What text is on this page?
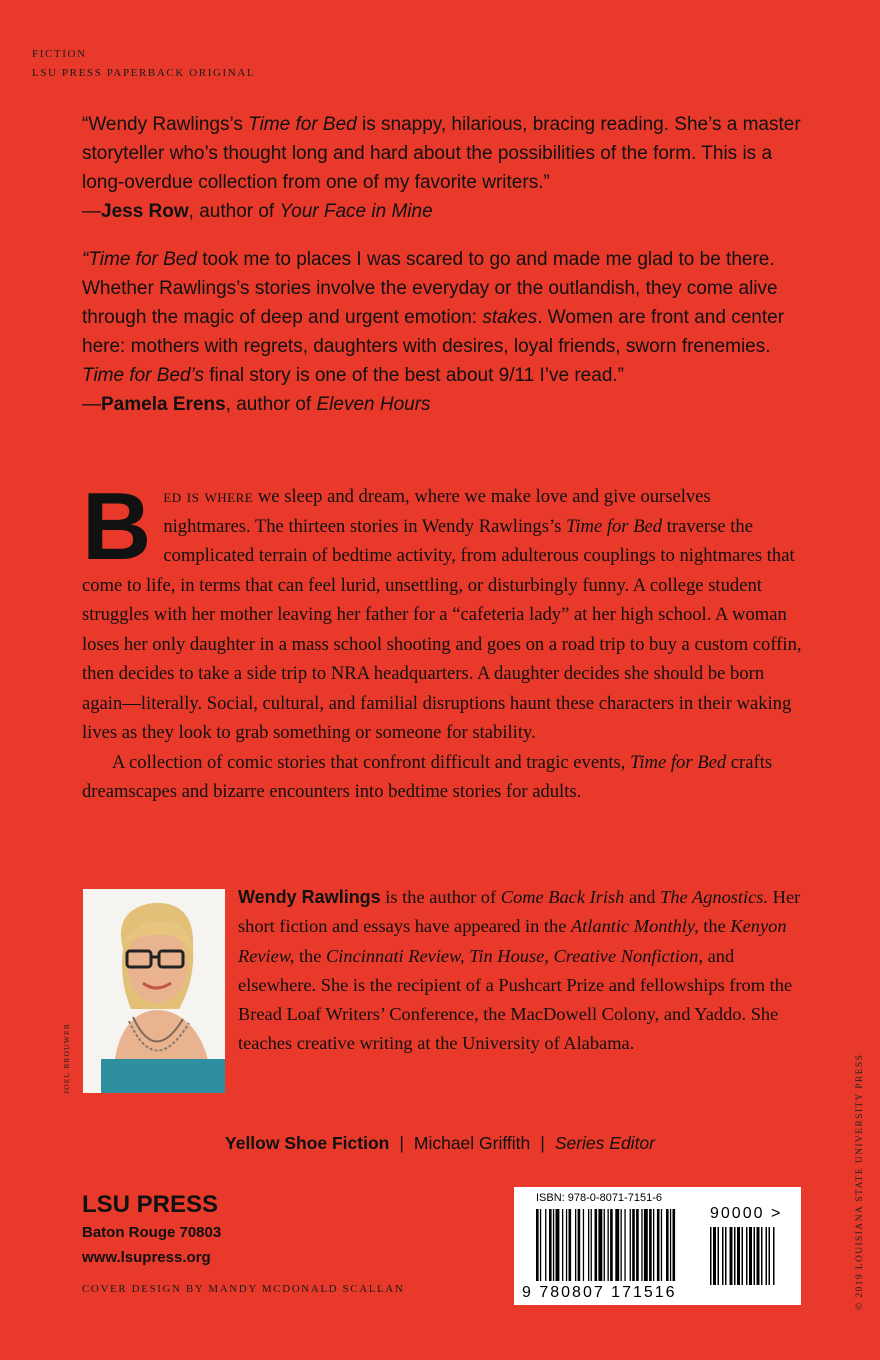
FICTION
LSU PRESS PAPERBACK ORIGINAL

“Wendy Rawlings’s Time for Bed is snappy, hilarious, bracing reading. She’s a master storyteller who’s thought long and hard about the possibilities of the form. This is a long-overdue collection from one of my favorite writers.”

—Jess Row, author of Your Face in Mine

“Time for Bed took me to places I was scared to go and made me glad to be there. Whether Rawlings’s stories involve the everyday or the outlandish, they come alive through the magic of deep and urgent emotion: stakes. Women are front and center here: mothers with regrets, daughters with desires, loyal friends, sworn frenemies. Time for Bed’s final story is one of the best about 9/11 I’ve read.”

—Pamela Erens, author of Eleven Hours

Bed is where we sleep and dream, where we make love and give ourselves nightmares. The thirteen stories in Wendy Rawlings’s Time for Bed traverse the complicated terrain of bedtime activity, from adulterous couplings to nightmares that come to life, in terms that can feel lurid, unsettling, or disturbingly funny. A college student struggles with her mother leaving her father for a “cafeteria lady” at her high school. A woman loses her only daughter in a mass school shooting and goes on a road trip to buy a custom coffin, then decides to take a side trip to NRA headquarters. A daughter decides she should be born again—literally. Social, cultural, and familial disruptions haunt these characters in their waking lives as they look to grab something or someone for stability.

A collection of comic stories that confront difficult and tragic events, Time for Bed crafts dreamscapes and bizarre encounters into bedtime stories for adults.

JOEL BROUWER

Wendy Rawlings is the author of Come Back Irish and The Agnostics. Her short fiction and essays have appeared in the Atlantic Monthly, the Kenyon Review, the Cincinnati Review, Tin House, Creative Nonfiction, and elsewhere. She is the recipient of a Pushcart Prize and fellowships from the Bread Loaf Writers’ Conference, the MacDowell Colony, and Yaddo. She teaches creative writing at the University of Alabama.

Yellow Shoe Fiction | Michael Griffith | Series Editor
LSU PRESS
Baton Rouge 70803
www.lsupress.org
COVER DESIGN BY MANDY MCDONALD SCALLAN
ISBN: 978-0-8071-7151-6
90000 >
9 780807 171516	© 2019 LOUISIANA STATE UNIVERSITY PRESS
